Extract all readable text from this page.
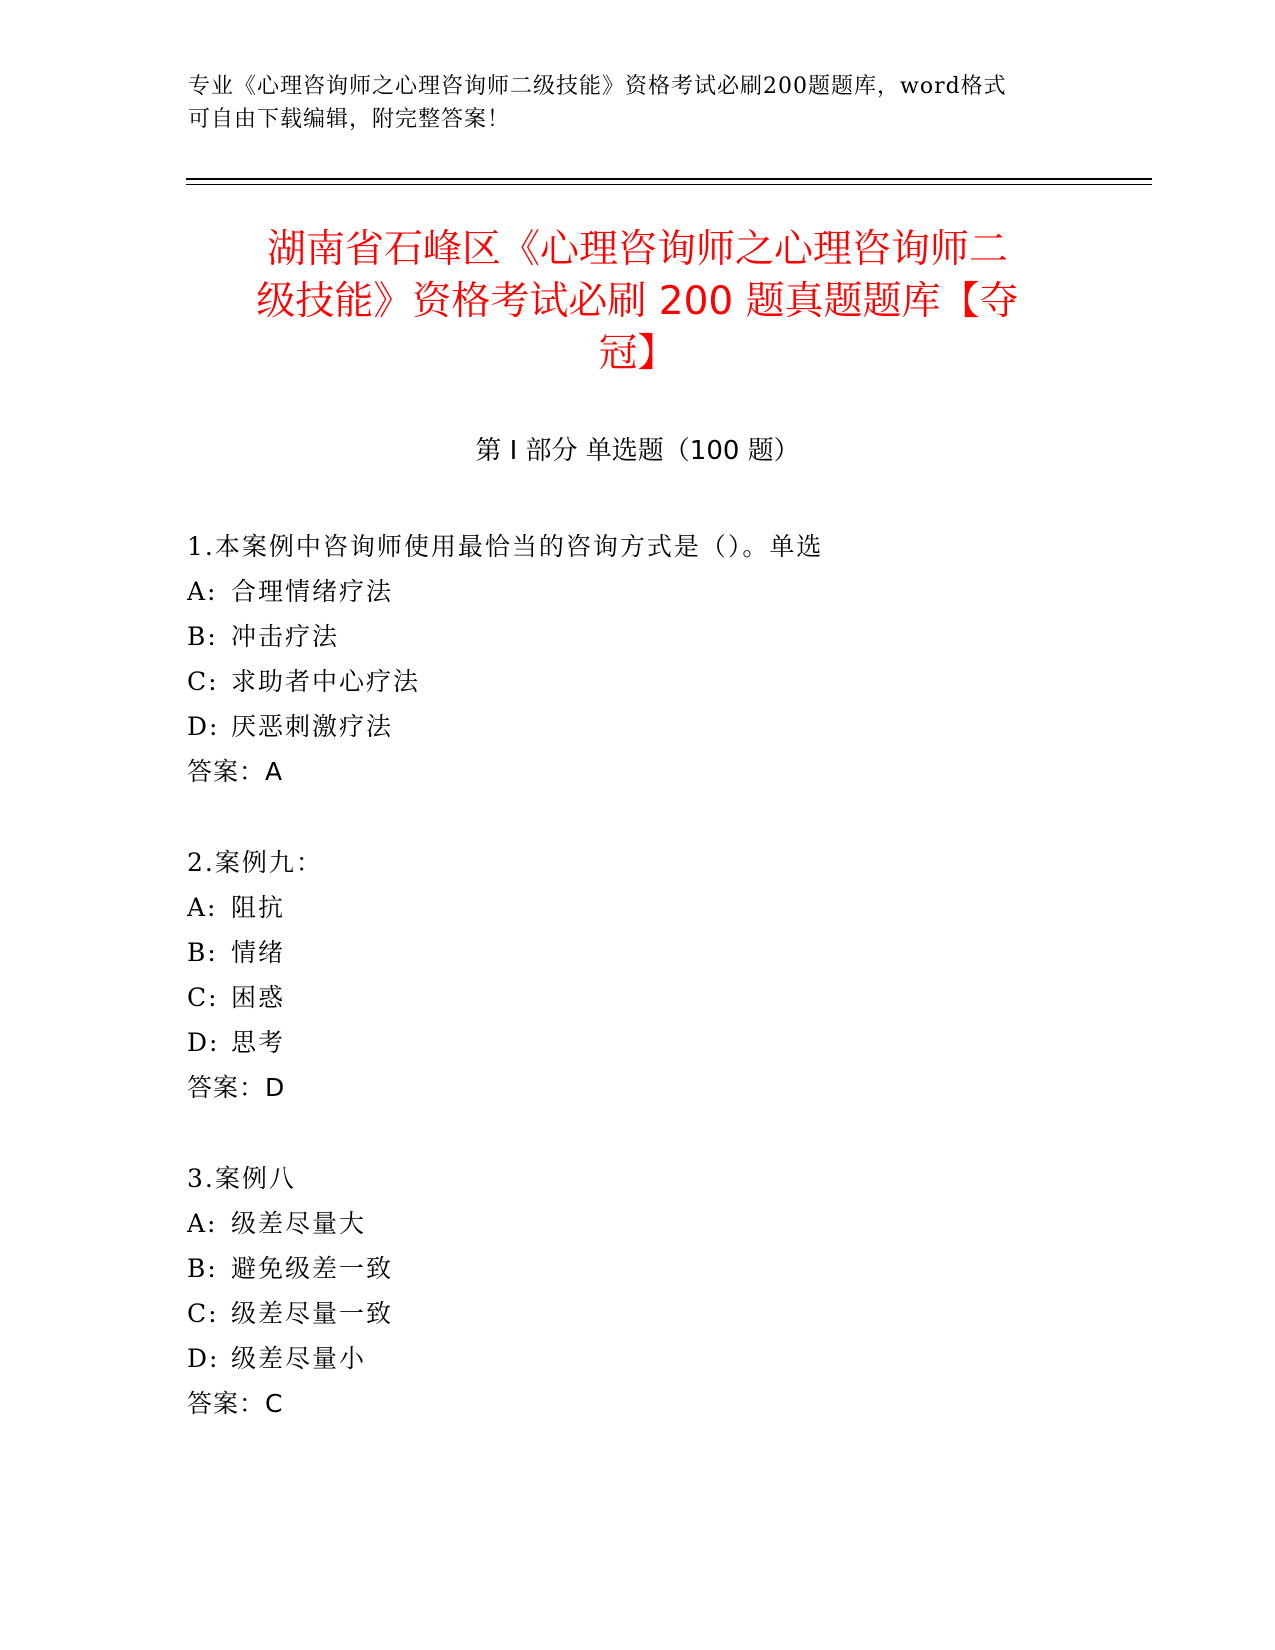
专业《心理咨询师之心理咨询师二级技能》资格考试必刷200题题库，word格式
可自由下载编辑，附完整答案！
湖南省石峰区《心理咨询师之心理咨询师二
级技能》资格考试必刷 200 题真题题库【夺
冠】
第 I 部分 单选题（100 题）
1.本案例中咨询师使用最恰当的咨询方式是（）。单选
A: 合理情绪疗法
B: 冲击疗法
C: 求助者中心疗法
D: 厌恶刺激疗法
答案：A
2.案例九：
A: 阻抗
B: 情绪
C: 困惑
D: 思考
答案：D
3.案例八
A: 级差尽量大
B: 避免级差一致
C: 级差尽量一致
D: 级差尽量小
答案：C
